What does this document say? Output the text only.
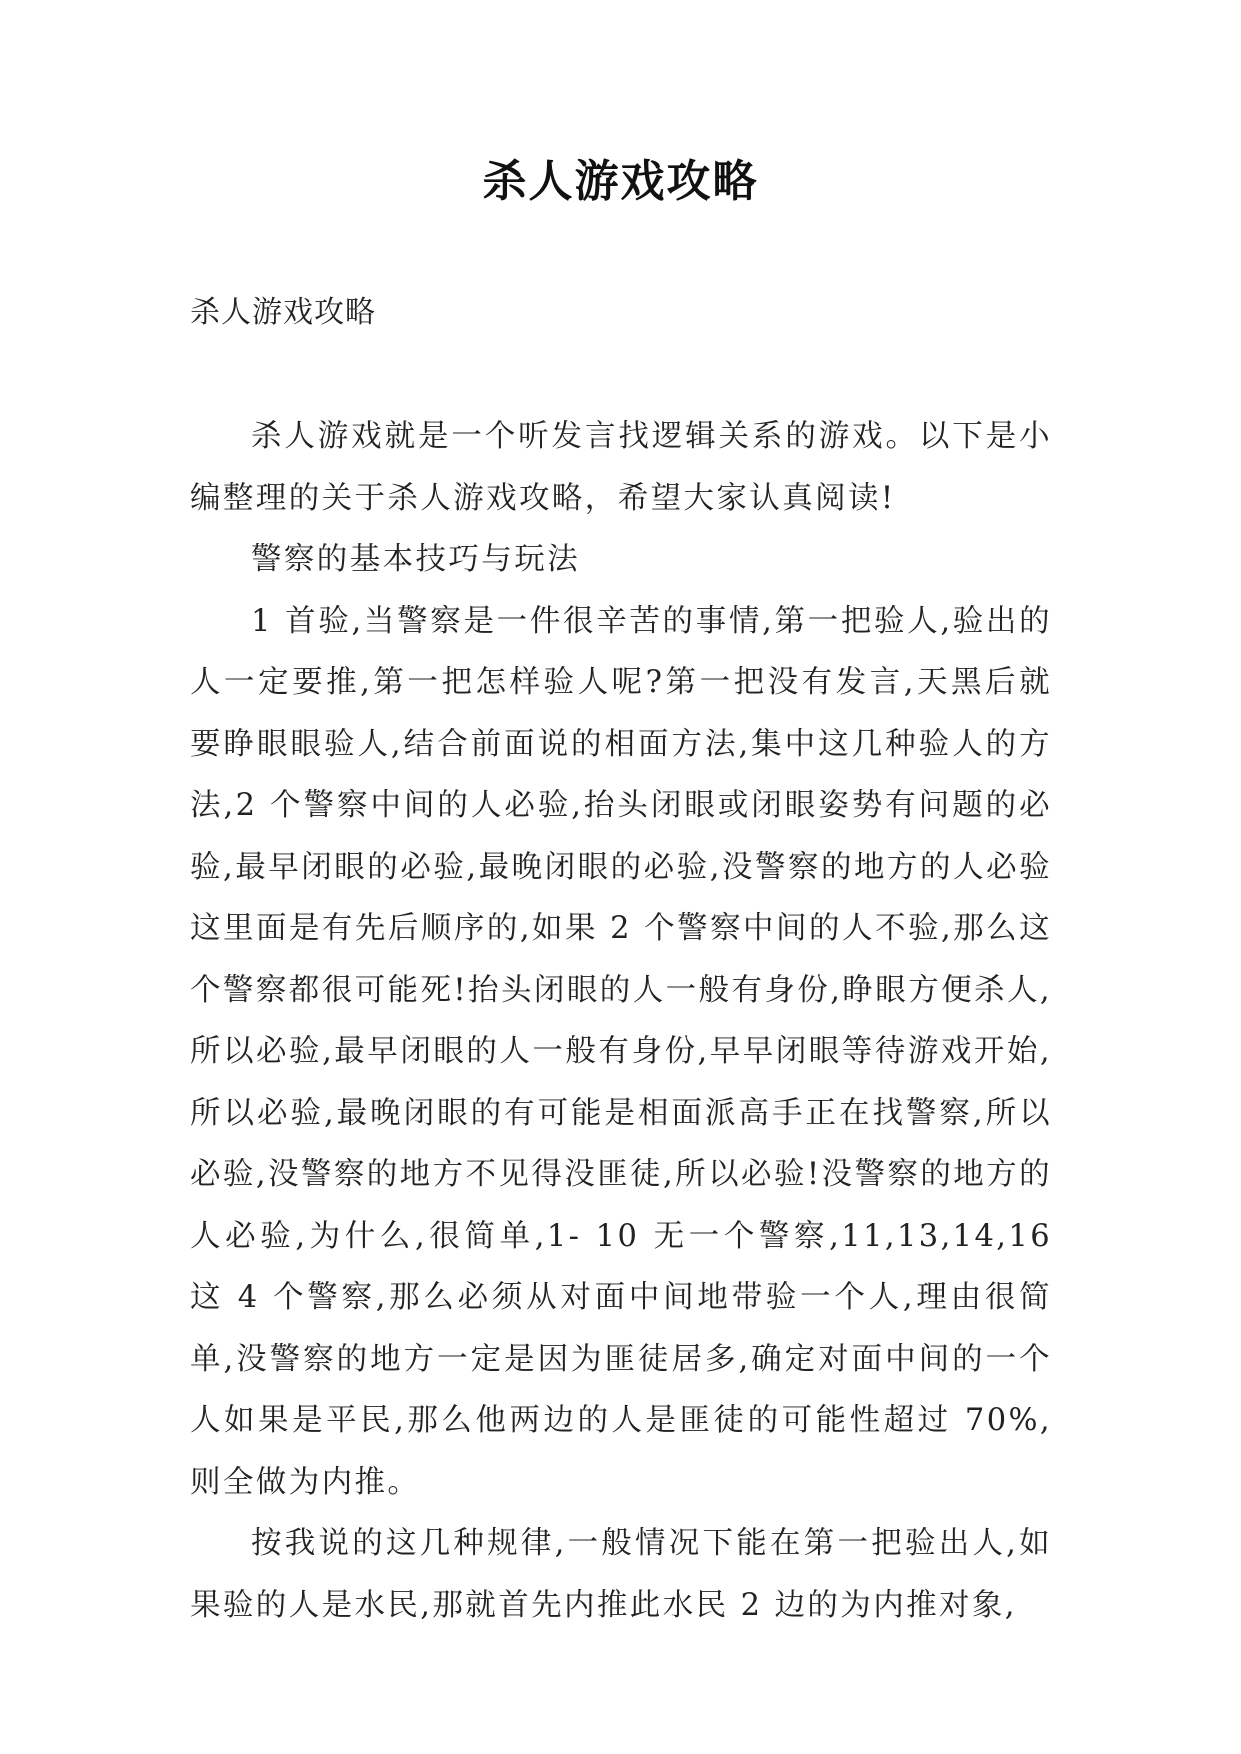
杀人游戏攻略
杀人游戏攻略

杀人游戏就是一个听发言找逻辑关系的游戏。以下是小编整理的关于杀人游戏攻略，希望大家认真阅读!

警察的基本技巧与玩法

1 首验,当警察是一件很辛苦的事情,第一把验人,验出的人一定要推,第一把怎样验人呢?第一把没有发言,天黑后就要睁眼眼验人,结合前面说的相面方法,集中这几种验人的方法,2 个警察中间的人必验,抬头闭眼或闭眼姿势有问题的必验,最早闭眼的必验,最晚闭眼的必验,没警察的地方的人必验　这里面是有先后顺序的,如果 2 个警察中间的人不验,那么这个警察都很可能死!抬头闭眼的人一般有身份,睁眼方便杀人,所以必验,最早闭眼的人一般有身份,早早闭眼等待游戏开始,所以必验,最晚闭眼的有可能是相面派高手正在找警察,所以必验,没警察的地方不见得没匪徒,所以必验!没警察的地方的人必验,为什么,很简单,1- 10 无一个警察,11,13,14,16 这 4 个警察,那么必须从对面中间地带验一个人,理由很简单,没警察的地方一定是因为匪徒居多,确定对面中间的一个人如果是平民,那么他两边的人是匪徒的可能性超过 70%,则全做为内推。

按我说的这几种规律,一般情况下能在第一把验出人,如果验的人是水民,那就首先内推此水民 2 边的为内推对象,
